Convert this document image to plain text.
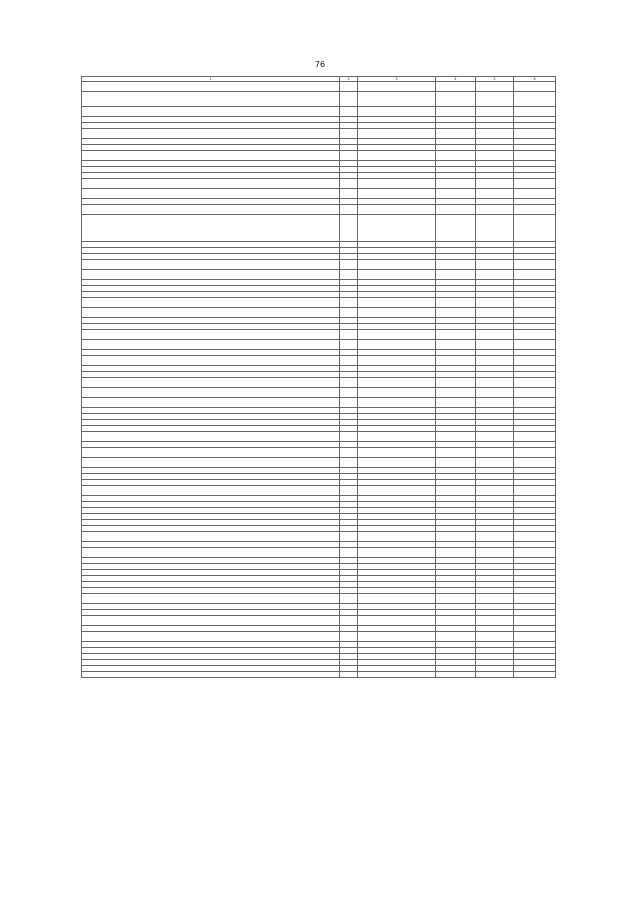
76
1	2	3	4	5	6
